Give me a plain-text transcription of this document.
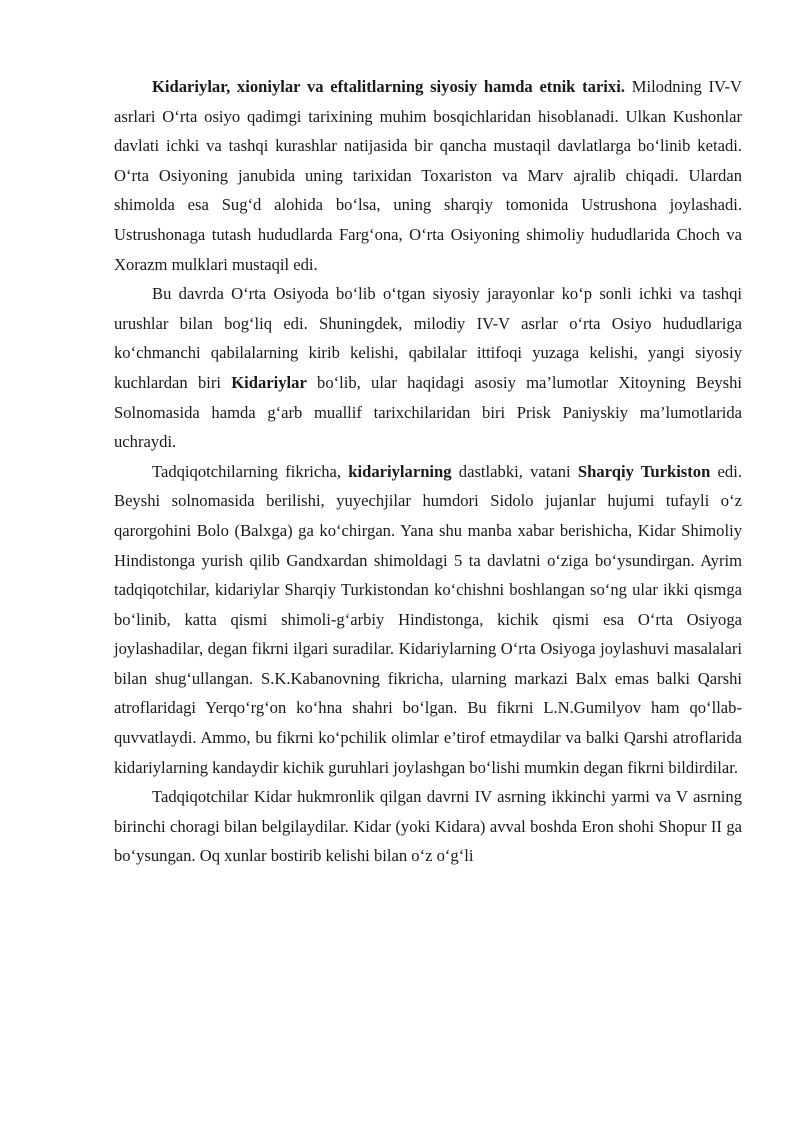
Kidariylar, xioniylar va eftalitlarning siyosiy hamda etnik tarixi. Milodning IV-V asrlari O‘rta osiyo qadimgi tarixining muhim bosqichlaridan hisoblanadi. Ulkan Kushonlar davlati ichki va tashqi kurashlar natijasida bir qancha mustaqil davlatlarga bo‘linib ketadi. O‘rta Osiyoning janubida uning tarixidan Toxariston va Marv ajralib chiqadi. Ulardan shimolda esa Sug‘d alohida bo‘lsa, uning sharqiy tomonida Ustrushona joylashadi. Ustrushonaga tutash hududlarda Farg‘ona, O‘rta Osiyoning shimoliy hududlarida Choch va Xorazm mulklari mustaqil edi.

Bu davrda O‘rta Osiyoda bo‘lib o‘tgan siyosiy jarayonlar ko‘p sonli ichki va tashqi urushlar bilan bog‘liq edi. Shuningdek, milodiy IV-V asrlar o‘rta Osiyo hududlariga ko‘chmanchi qabilalarning kirib kelishi, qabilalar ittifoqi yuzaga kelishi, yangi siyosiy kuchlardan biri Kidariylar bo‘lib, ular haqidagi asosiy ma’lumotlar Xitoyning Beyshi Solnomasida hamda g‘arb muallif tarixchilaridan biri Prisk Paniyskiy ma’lumotlarida uchraydi.

Tadqiqotchilarning fikricha, kidariylarning dastlabki, vatani Sharqiy Turkiston edi. Beyshi solnomasida berilishi, yuyechjilar humdori Sidolo jujanlar hujumi tufayli o‘z qarorgohini Bolo (Balxga) ga ko‘chirgan. Yana shu manba xabar berishicha, Kidar Shimoliy Hindistonga yurish qilib Gandxardan shimoldagi 5 ta davlatni o‘ziga bo‘ysundirgan. Ayrim tadqiqotchilar, kidariylar Sharqiy Turkistondan ko‘chishni boshlangan so‘ng ular ikki qismga bo‘linib, katta qismi shimoli-g‘arbiy Hindistonga, kichik qismi esa O‘rta Osiyoga joylashadilar, degan fikrni ilgari suradilar. Kidariylarning O‘rta Osiyoga joylashuvi masalalari bilan shug‘ullangan. S.K.Kabanovning fikricha, ularning markazi Balx emas balki Qarshi atroflaridagi Yerqo‘rg‘on ko‘hna shahri bo‘lgan. Bu fikrni L.N.Gumilyov ham qo‘llab-quvvatlaydi. Ammo, bu fikrni ko‘pchilik olimlar e’tirof etmaydilar va balki Qarshi atroflarida kidariylarning kandaydir kichik guruhlari joylashgan bo‘lishi mumkin degan fikrni bildirdilar.

Tadqiqotchilar Kidar hukmronlik qilgan davrni IV asrning ikkinchi yarmi va V asrning birinchi choragi bilan belgilaydilar. Kidar (yoki Kidara) avval boshda Eron shohi Shopur II ga bo‘ysungan. Oq xunlar bostirib kelishi bilan o‘z o‘g‘li
